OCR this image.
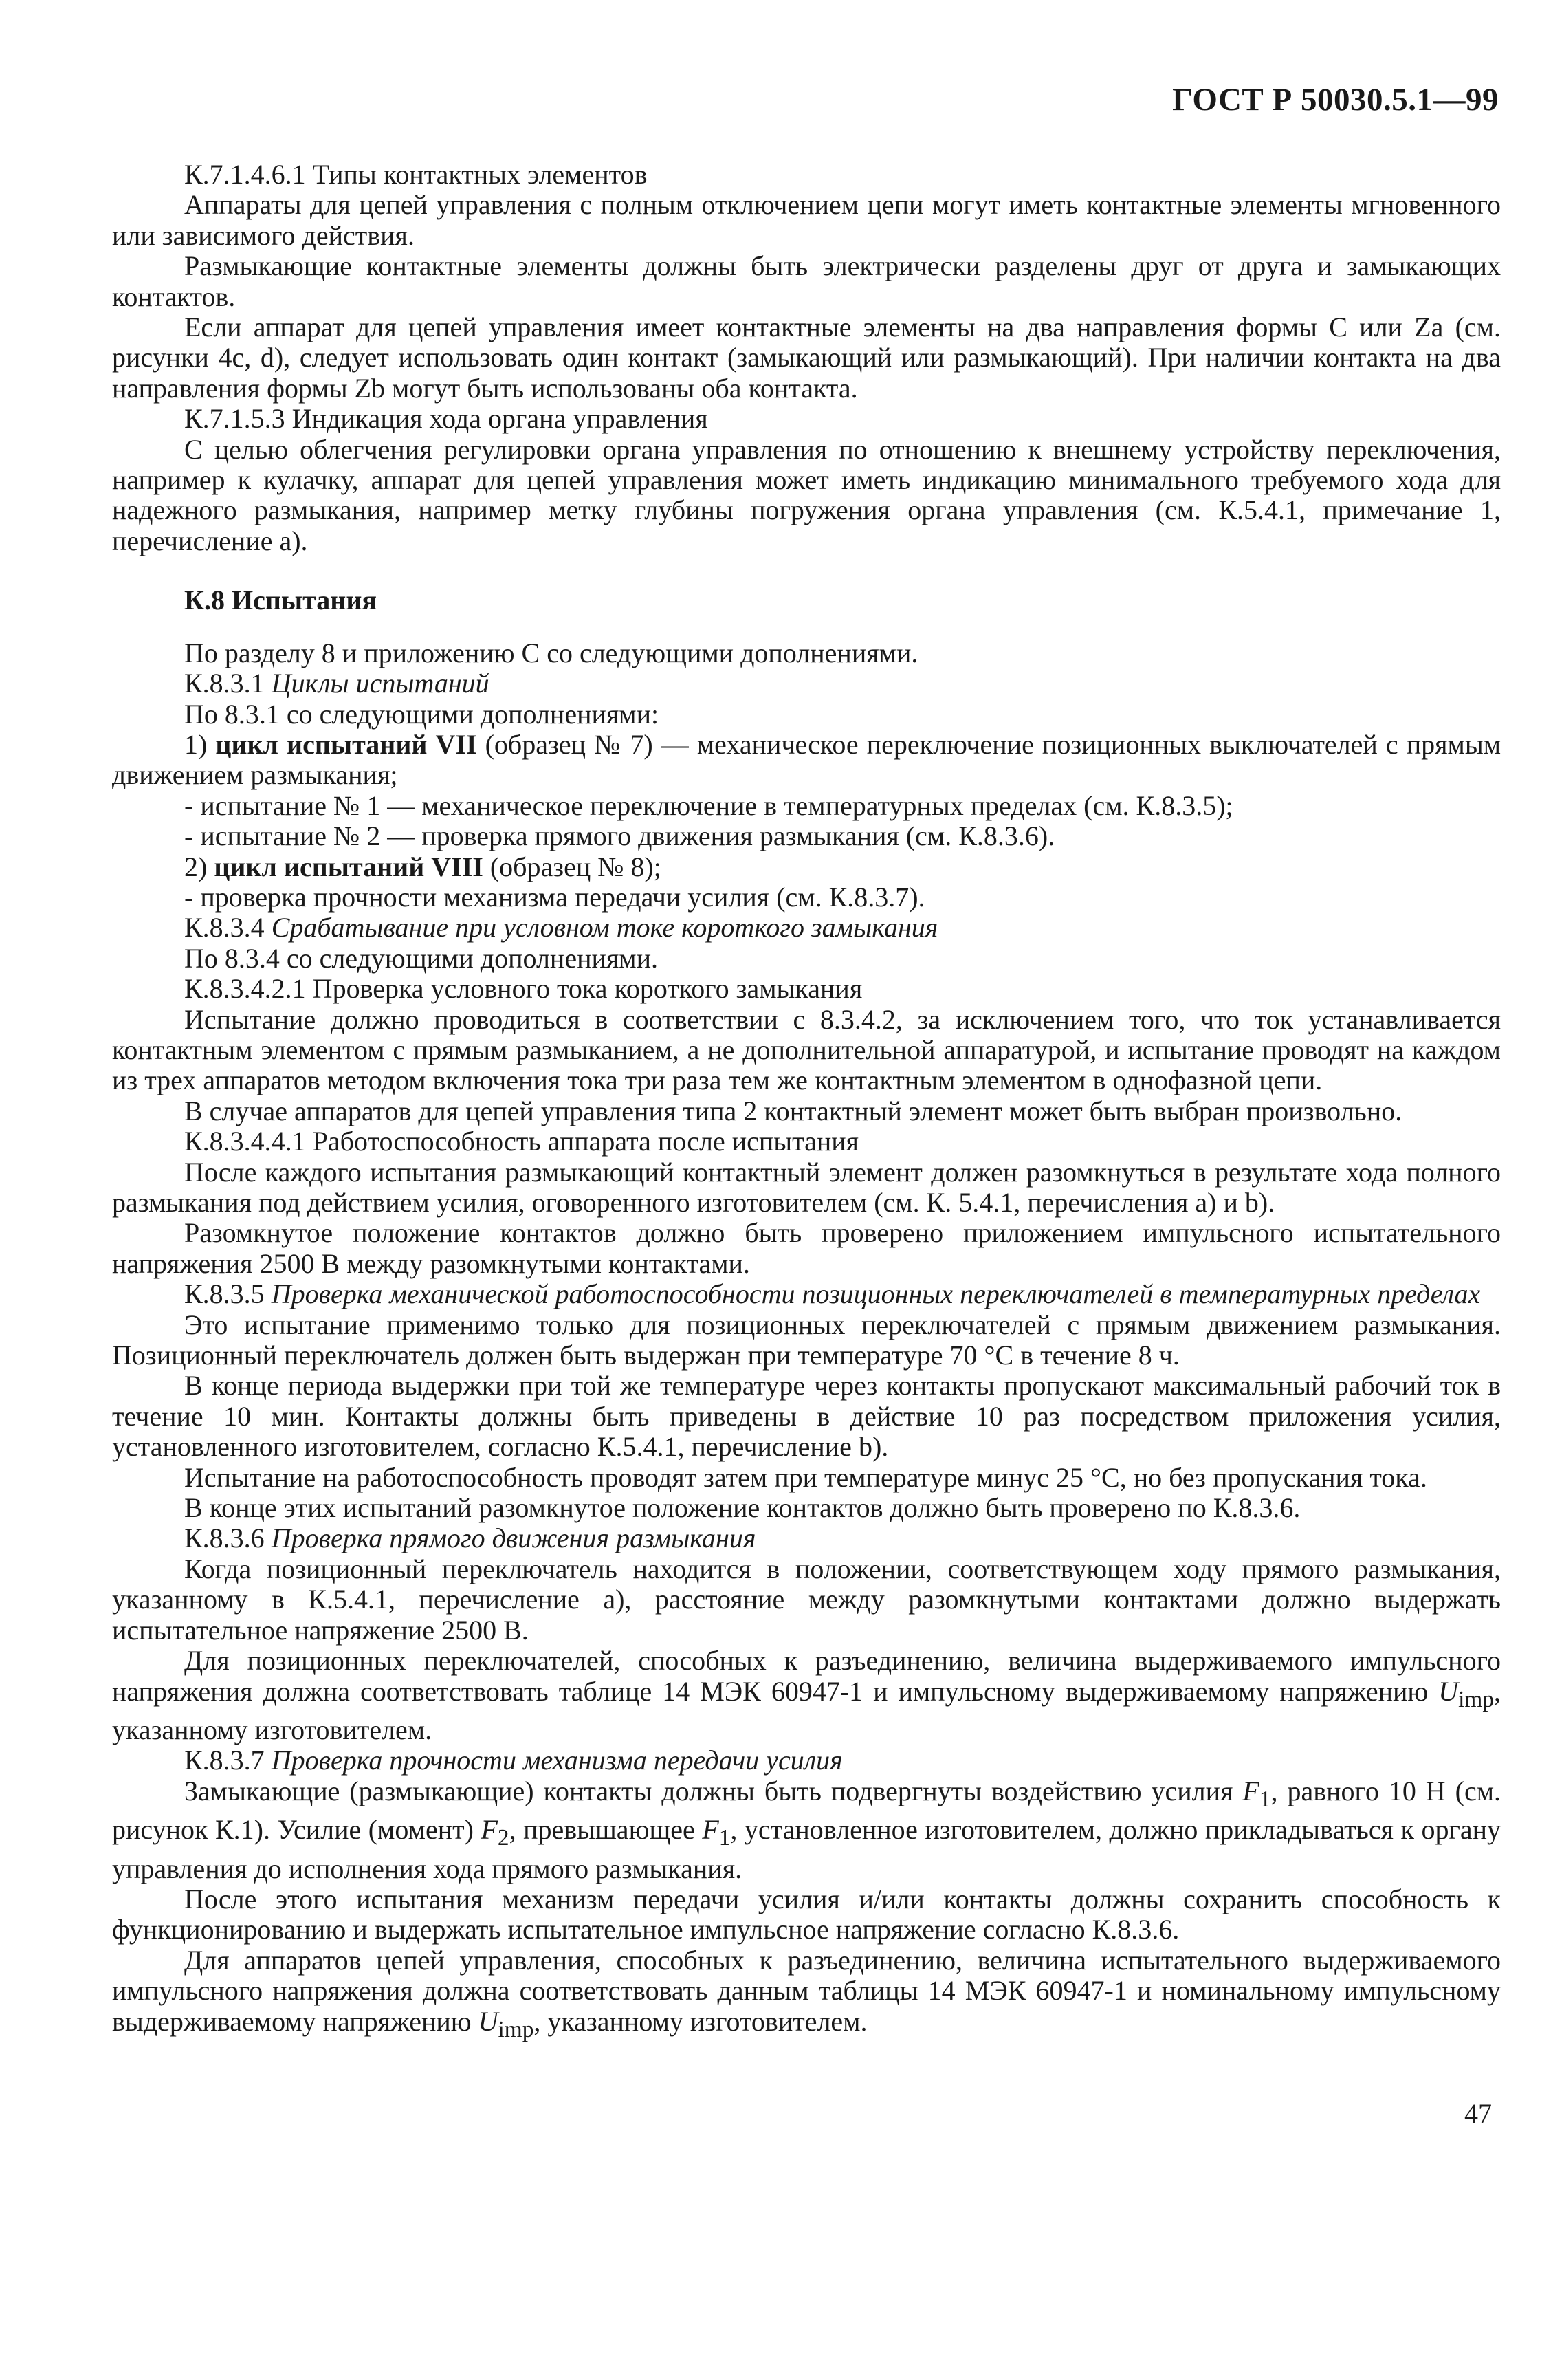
ГОСТ Р 50030.5.1—99

К.7.1.4.6.1 Типы контактных элементов

Аппараты для цепей управления с полным отключением цепи могут иметь контактные элементы мгновенного или зависимого действия.

Размыкающие контактные элементы должны быть электрически разделены друг от друга и замыкающих контактов.

Если аппарат для цепей управления имеет контактные элементы на два направления формы С или Za (см. рисунки 4c, d), следует использовать один контакт (замыкающий или размыкающий). При наличии контакта на два направления формы Zb могут быть использованы оба контакта.

К.7.1.5.3 Индикация хода органа управления

С целью облегчения регулировки органа управления по отношению к внешнему устройству переключения, например к кулачку, аппарат для цепей управления может иметь индикацию минимального требуемого хода для надежного размыкания, например метку глубины погружения органа управления (см. К.5.4.1, примечание 1, перечисление а).

К.8 Испытания

По разделу 8 и приложению С со следующими дополнениями.

К.8.3.1 Циклы испытаний

По 8.3.1 со следующими дополнениями:

1) цикл испытаний VII (образец № 7) — механическое переключение позиционных выключателей с прямым движением размыкания;

- испытание № 1 — механическое переключение в температурных пределах (см. К.8.3.5);

- испытание № 2 — проверка прямого движения размыкания (см. К.8.3.6).

2) цикл испытаний VIII (образец № 8);

- проверка прочности механизма передачи усилия (см. К.8.3.7).

К.8.3.4 Срабатывание при условном токе короткого замыкания

По 8.3.4 со следующими дополнениями.

К.8.3.4.2.1 Проверка условного тока короткого замыкания

Испытание должно проводиться в соответствии с 8.3.4.2, за исключением того, что ток устанавливается контактным элементом с прямым размыканием, а не дополнительной аппаратурой, и испытание проводят на каждом из трех аппаратов методом включения тока три раза тем же контактным элементом в однофазной цепи.

В случае аппаратов для цепей управления типа 2 контактный элемент может быть выбран произвольно.

К.8.3.4.4.1 Работоспособность аппарата после испытания

После каждого испытания размыкающий контактный элемент должен разомкнуться в результате хода полного размыкания под действием усилия, оговоренного изготовителем (см. К. 5.4.1, перечисления а) и b).

Разомкнутое положение контактов должно быть проверено приложением импульсного испытательного напряжения 2500 В между разомкнутыми контактами.

К.8.3.5 Проверка механической работоспособности позиционных переключателей в температурных пределах

Это испытание применимо только для позиционных переключателей с прямым движением размыкания. Позиционный переключатель должен быть выдержан при температуре 70 °С в течение 8 ч.

В конце периода выдержки при той же температуре через контакты пропускают максимальный рабочий ток в течение 10 мин. Контакты должны быть приведены в действие 10 раз посредством приложения усилия, установленного изготовителем, согласно К.5.4.1, перечисление b).

Испытание на работоспособность проводят затем при температуре минус 25 °С, но без пропускания тока.

В конце этих испытаний разомкнутое положение контактов должно быть проверено по К.8.3.6.

К.8.3.6 Проверка прямого движения размыкания

Когда позиционный переключатель находится в положении, соответствующем ходу прямого размыкания, указанному в К.5.4.1, перечисление а), расстояние между разомкнутыми контактами должно выдержать испытательное напряжение 2500 В.

Для позиционных переключателей, способных к разъединению, величина выдерживаемого импульсного напряжения должна соответствовать таблице 14 МЭК 60947-1 и импульсному выдерживаемому напряжению $U_{imp}$, указанному изготовителем.

К.8.3.7 Проверка прочности механизма передачи усилия

Замыкающие (размыкающие) контакты должны быть подвергнуты воздействию усилия $F_1$, равного 10 Н (см. рисунок К.1). Усилие (момент) $F_2$, превышающее $F_1$, установленное изготовителем, должно прикладываться к органу управления до исполнения хода прямого размыкания.

После этого испытания механизм передачи усилия и/или контакты должны сохранить способность к функционированию и выдержать испытательное импульсное напряжение согласно К.8.3.6.

Для аппаратов цепей управления, способных к разъединению, величина испытательного выдерживаемого импульсного напряжения должна соответствовать данным таблицы 14 МЭК 60947-1 и номинальному импульсному выдерживаемому напряжению $U_{imp}$, указанному изготовителем.

47
